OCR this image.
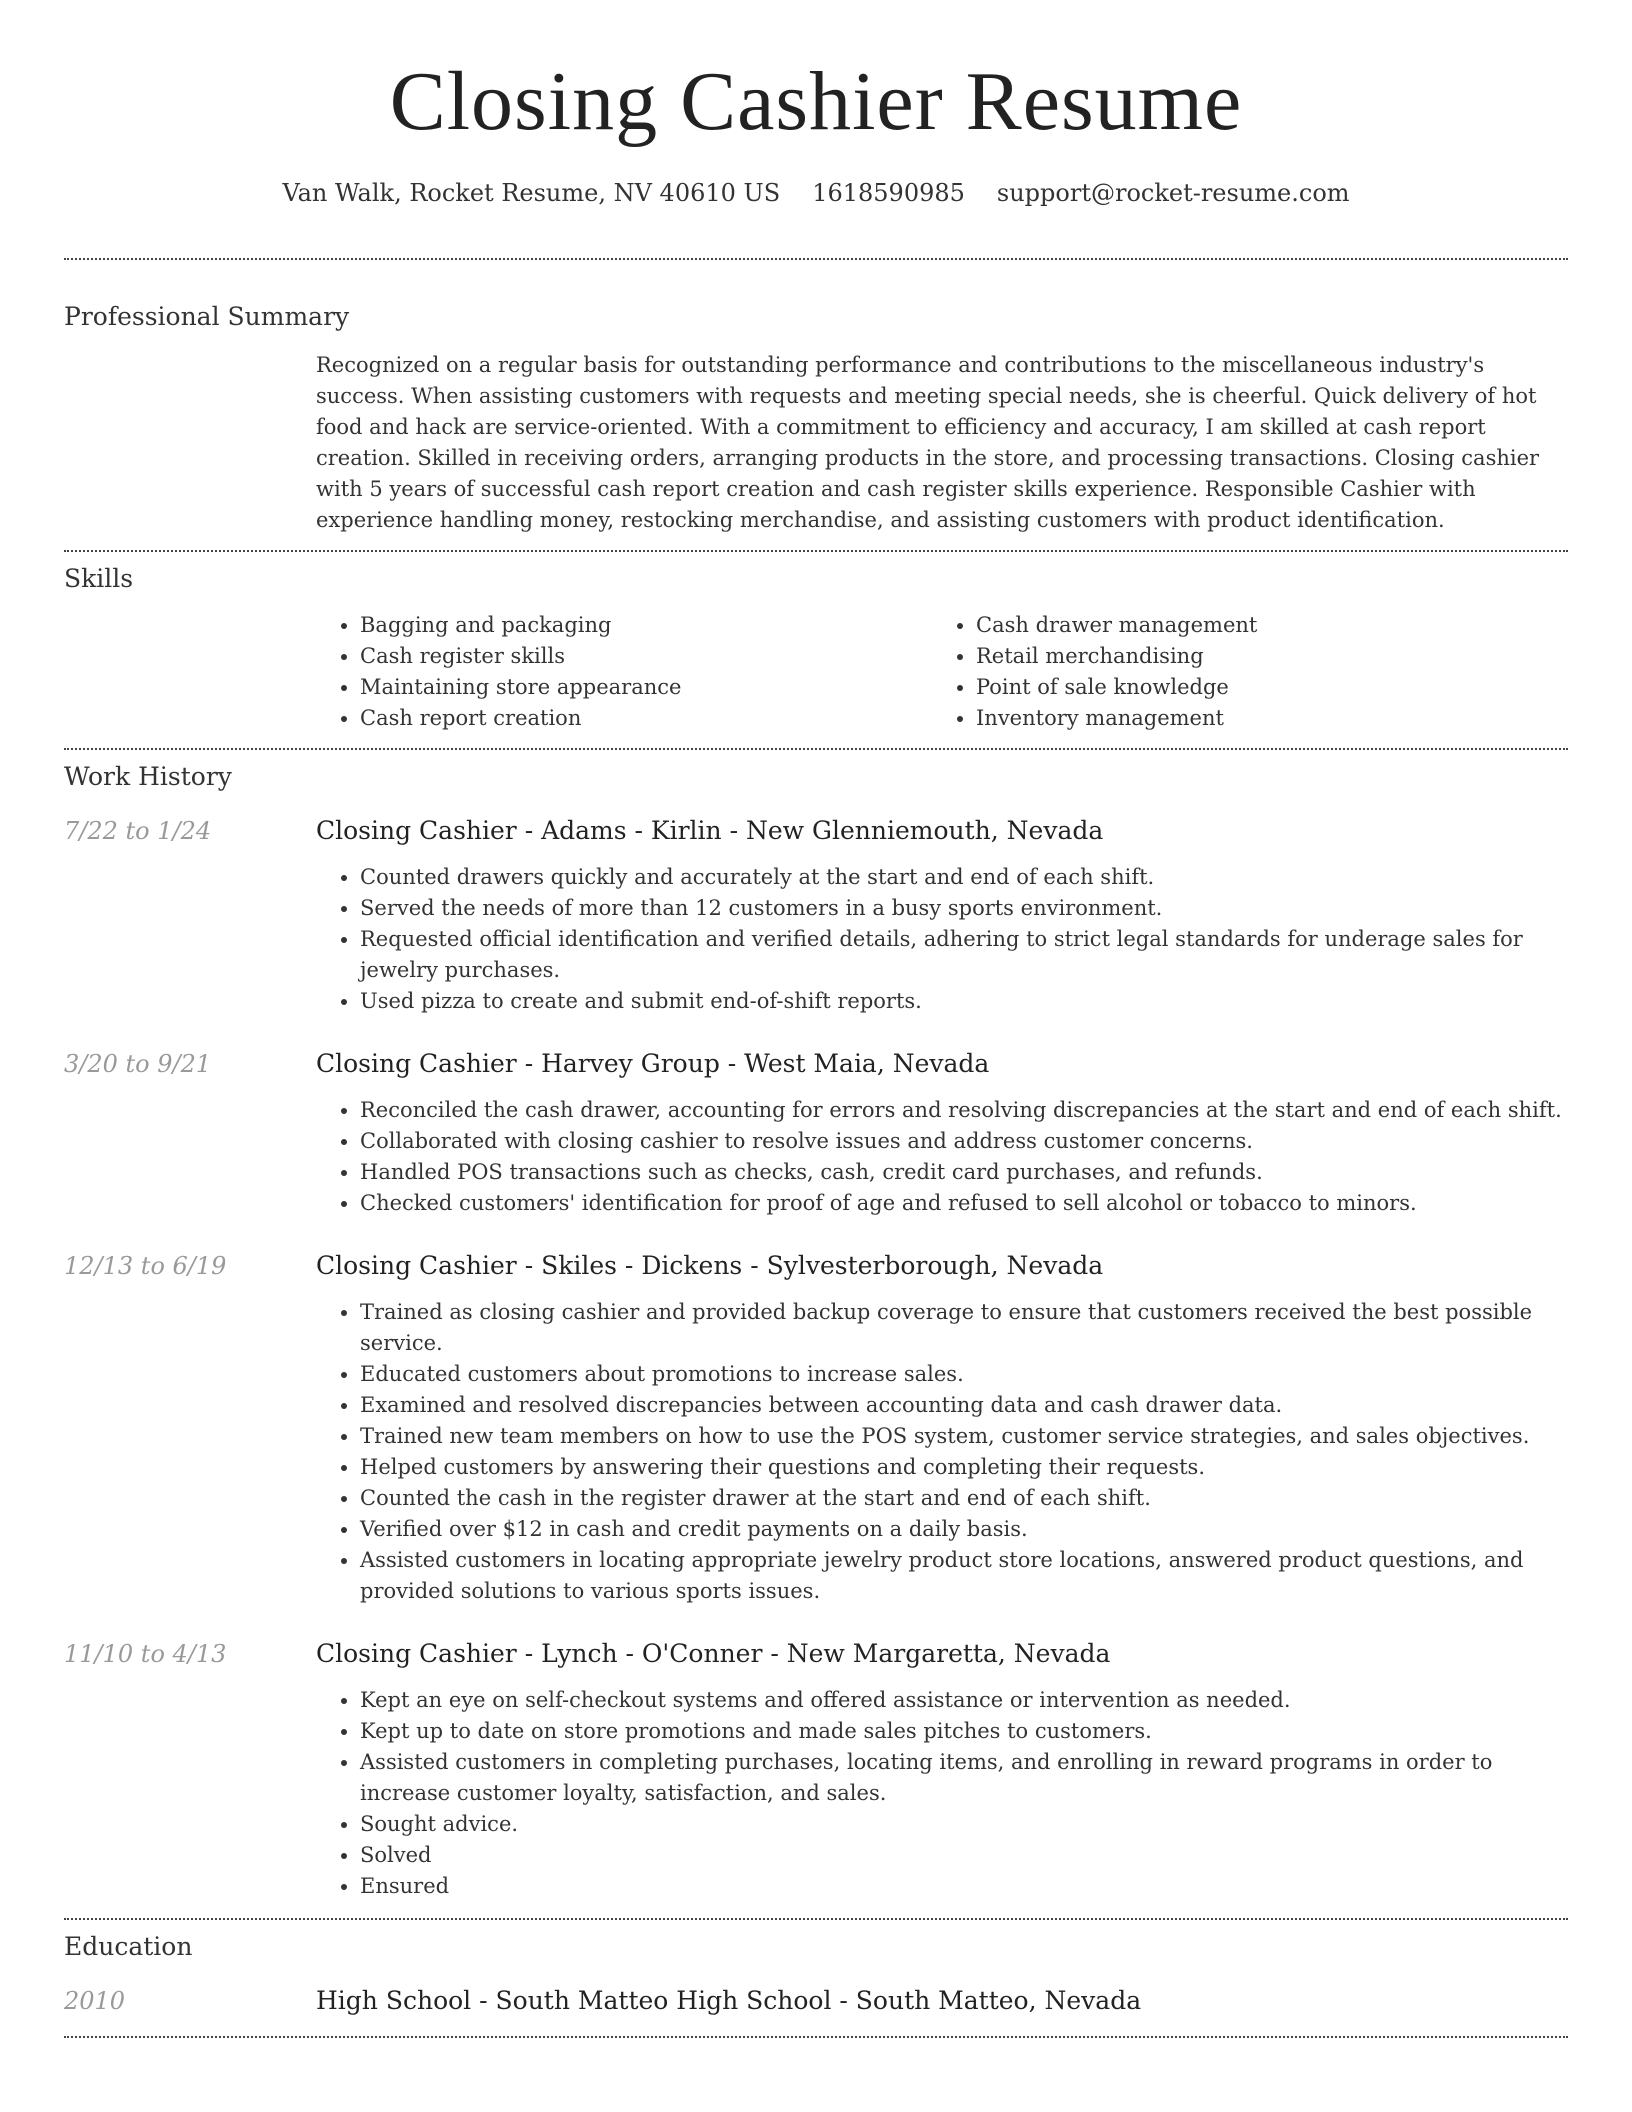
Closing Cashier Resume
Van Walk, Rocket Resume, NV 40610 US 1618590985 support@rocket-resume.com
Professional Summary

Recognized on a regular basis for outstanding performance and contributions to the miscellaneous industry's success. When assisting customers with requests and meeting special needs, she is cheerful. Quick delivery of hot food and hack are service-oriented. With a commitment to efficiency and accuracy, I am skilled at cash report creation. Skilled in receiving orders, arranging products in the store, and processing transactions. Closing cashier with 5 years of successful cash report creation and cash register skills experience. Responsible Cashier with experience handling money, restocking merchandise, and assisting customers with product identification.

Skills
• Bagging and packaging
• Cash register skills
• Maintaining store appearance
• Cash report creation
• Cash drawer management
• Retail merchandising
• Point of sale knowledge
• Inventory management
Work History
7/22 to 1/24	Closing Cashier - Adams - Kirlin - New Glenniemouth, Nevada
• Counted drawers quickly and accurately at the start and end of each shift.
• Served the needs of more than 12 customers in a busy sports environment.
• Requested official identification and verified details, adhering to strict legal standards for underage sales for jewelry purchases.
• Used pizza to create and submit end-of-shift reports.
3/20 to 9/21	Closing Cashier - Harvey Group - West Maia, Nevada
• Reconciled the cash drawer, accounting for errors and resolving discrepancies at the start and end of each shift.
• Collaborated with closing cashier to resolve issues and address customer concerns.
• Handled POS transactions such as checks, cash, credit card purchases, and refunds.
• Checked customers' identification for proof of age and refused to sell alcohol or tobacco to minors.
12/13 to 6/19	Closing Cashier - Skiles - Dickens - Sylvesterborough, Nevada
• Trained as closing cashier and provided backup coverage to ensure that customers received the best possible service.
• Educated customers about promotions to increase sales.
• Examined and resolved discrepancies between accounting data and cash drawer data.
• Trained new team members on how to use the POS system, customer service strategies, and sales objectives.
• Helped customers by answering their questions and completing their requests.
• Counted the cash in the register drawer at the start and end of each shift.
• Verified over $12 in cash and credit payments on a daily basis.
• Assisted customers in locating appropriate jewelry product store locations, answered product questions, and provided solutions to various sports issues.
11/10 to 4/13	Closing Cashier - Lynch - O'Conner - New Margaretta, Nevada
• Kept an eye on self-checkout systems and offered assistance or intervention as needed.
• Kept up to date on store promotions and made sales pitches to customers.
• Assisted customers in completing purchases, locating items, and enrolling in reward programs in order to increase customer loyalty, satisfaction, and sales.
• Sought advice.
• Solved
• Ensured
Education
2010	High School - South Matteo High School - South Matteo, Nevada
